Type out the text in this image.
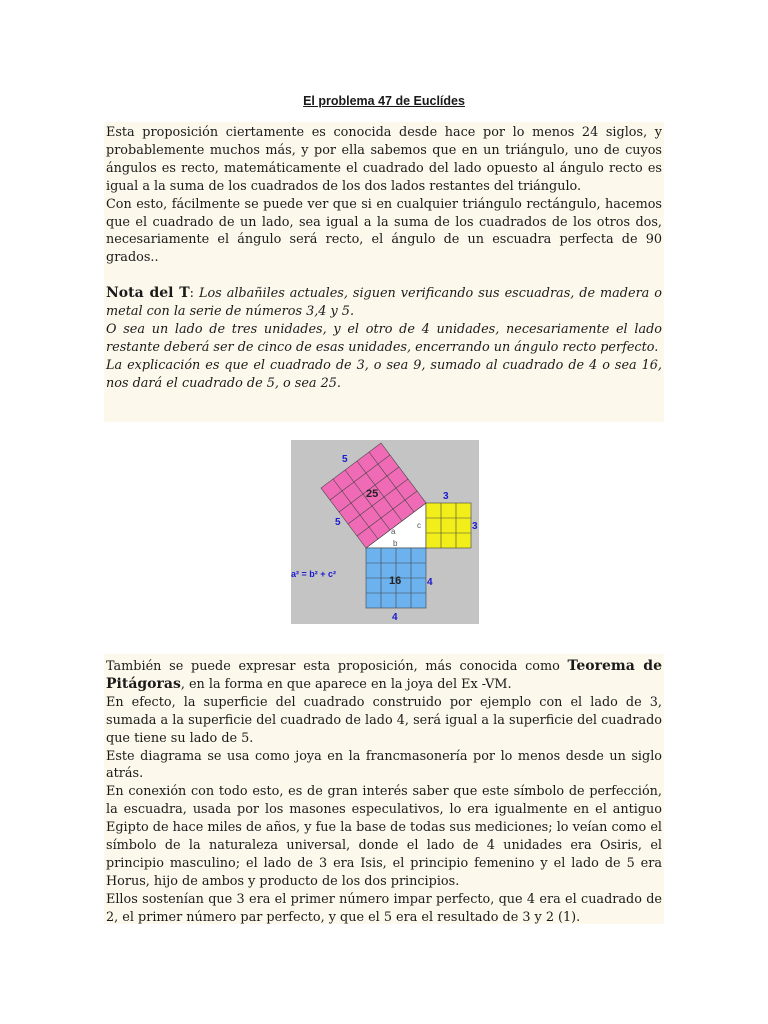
El problema 47 de Euclídes

Esta proposición ciertamente es conocida desde hace por lo menos 24 siglos, y probablemente muchos más, y por ella sabemos que en un triángulo, uno de cuyos ángulos es recto, matemáticamente el cuadrado del lado opuesto al ángulo recto es igual a la suma de los cuadrados de los dos lados restantes del triángulo.

Con esto, fácilmente se puede ver que si en cualquier triángulo rectángulo, hacemos que el cuadrado de un lado, sea igual a la suma de los cuadrados de los otros dos, necesariamente el ángulo será recto, el ángulo de un escuadra perfecta de 90 grados..

Nota del T: Los albañiles actuales, siguen verificando sus escuadras, de madera o metal con la serie de números 3,4 y 5.

O sea un lado de tres unidades, y el otro de 4 unidades, necesariamente el lado restante deberá ser de cinco de esas unidades, encerrando un ángulo recto perfecto.

La explicación es que el cuadrado de 3, o sea 9, sumado al cuadrado de 4 o sea 16, nos dará el cuadrado de 5, o sea 25.

5
5
3
3
4
4
a² = b² + c²
25
16
a
b
c

También se puede expresar esta proposición, más conocida como Teorema de Pitágoras, en la forma en que aparece en la joya del Ex -VM.

En efecto, la superficie del cuadrado construido por ejemplo con el lado de 3, sumada a la superficie del cuadrado de lado 4, será igual a la superficie del cuadrado que tiene su lado de 5.

Este diagrama se usa como joya en la francmasonería por lo menos desde un siglo atrás.

En conexión con todo esto, es de gran interés saber que este símbolo de perfección, la escuadra, usada por los masones especulativos, lo era igualmente en el antiguo Egipto de hace miles de años, y fue la base de todas sus mediciones; lo veían como el símbolo de la naturaleza universal, donde el lado de 4 unidades era Osiris, el principio masculino; el lado de 3 era Isis, el principio femenino y el lado de 5 era Horus, hijo de ambos y producto de los dos principios.

Ellos sostenían que 3 era el primer número impar perfecto, que 4 era el cuadrado de 2, el primer número par perfecto, y que el 5 era el resultado de 3 y 2 (1).
